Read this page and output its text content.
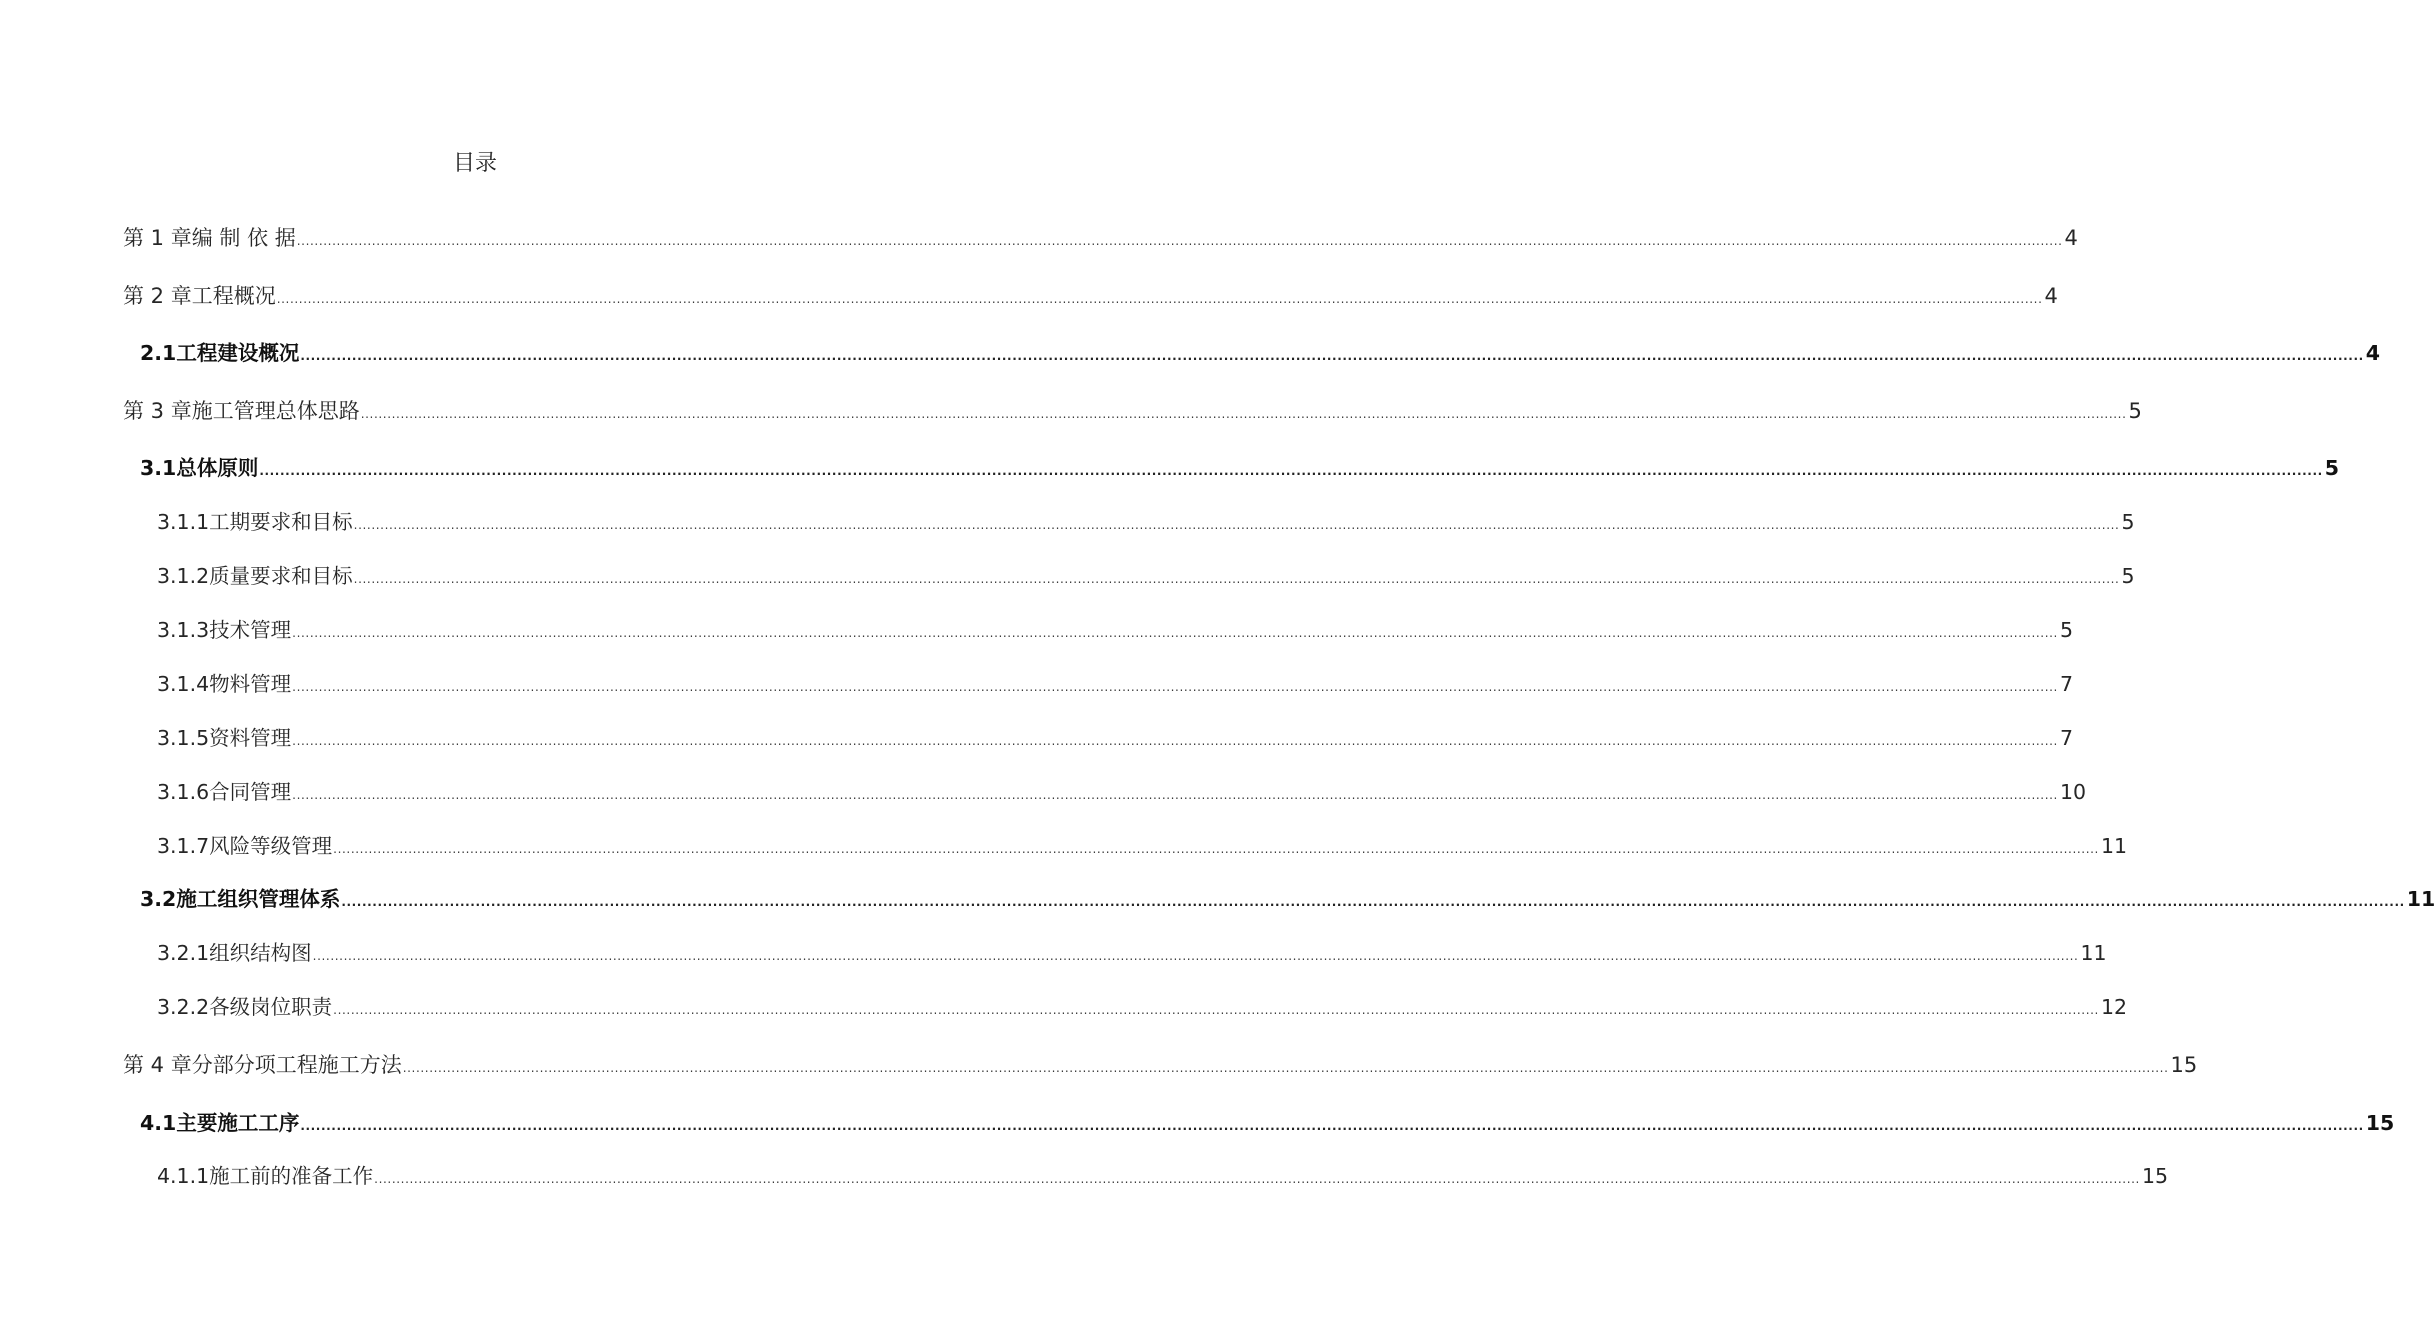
目录
第 1 章 编 制 依 据 ................................................................................................................................................................................................................................................................................................................................................................................................................ 4
第 2 章 工程概况 ................................................................................................................................................................................................................................................................................................................................................................................................................ 4
2.1 工程建设概况 ................................................................................................................................................................................................................................................................................................................................................................................................................ 4
第 3 章 施工管理总体思路 ................................................................................................................................................................................................................................................................................................................................................................................................................ 5
3.1 总体原则 ................................................................................................................................................................................................................................................................................................................................................................................................................ 5
3.1.1 工期要求和目标 ................................................................................................................................................................................................................................................................................................................................................................................................................ 5
3.1.2 质量要求和目标 ................................................................................................................................................................................................................................................................................................................................................................................................................ 5
3.1.3 技术管理 ................................................................................................................................................................................................................................................................................................................................................................................................................ 5
3.1.4 物料管理 ................................................................................................................................................................................................................................................................................................................................................................................................................ 7
3.1.5 资料管理 ................................................................................................................................................................................................................................................................................................................................................................................................................ 7
3.1.6 合同管理 ................................................................................................................................................................................................................................................................................................................................................................................................................ 10
3.1.7 风险等级管理 ................................................................................................................................................................................................................................................................................................................................................................................................................ 11
3.2 施工组织管理体系 ................................................................................................................................................................................................................................................................................................................................................................................................................ 11
3.2.1 组织结构图 ................................................................................................................................................................................................................................................................................................................................................................................................................ 11
3.2.2 各级岗位职责 ................................................................................................................................................................................................................................................................................................................................................................................................................ 12
第 4 章 分部分项工程施工方法 ................................................................................................................................................................................................................................................................................................................................................................................................................ 15
4.1 主要施工工序 ................................................................................................................................................................................................................................................................................................................................................................................................................ 15
4.1.1 施工前的准备工作 ................................................................................................................................................................................................................................................................................................................................................................................................................ 15
